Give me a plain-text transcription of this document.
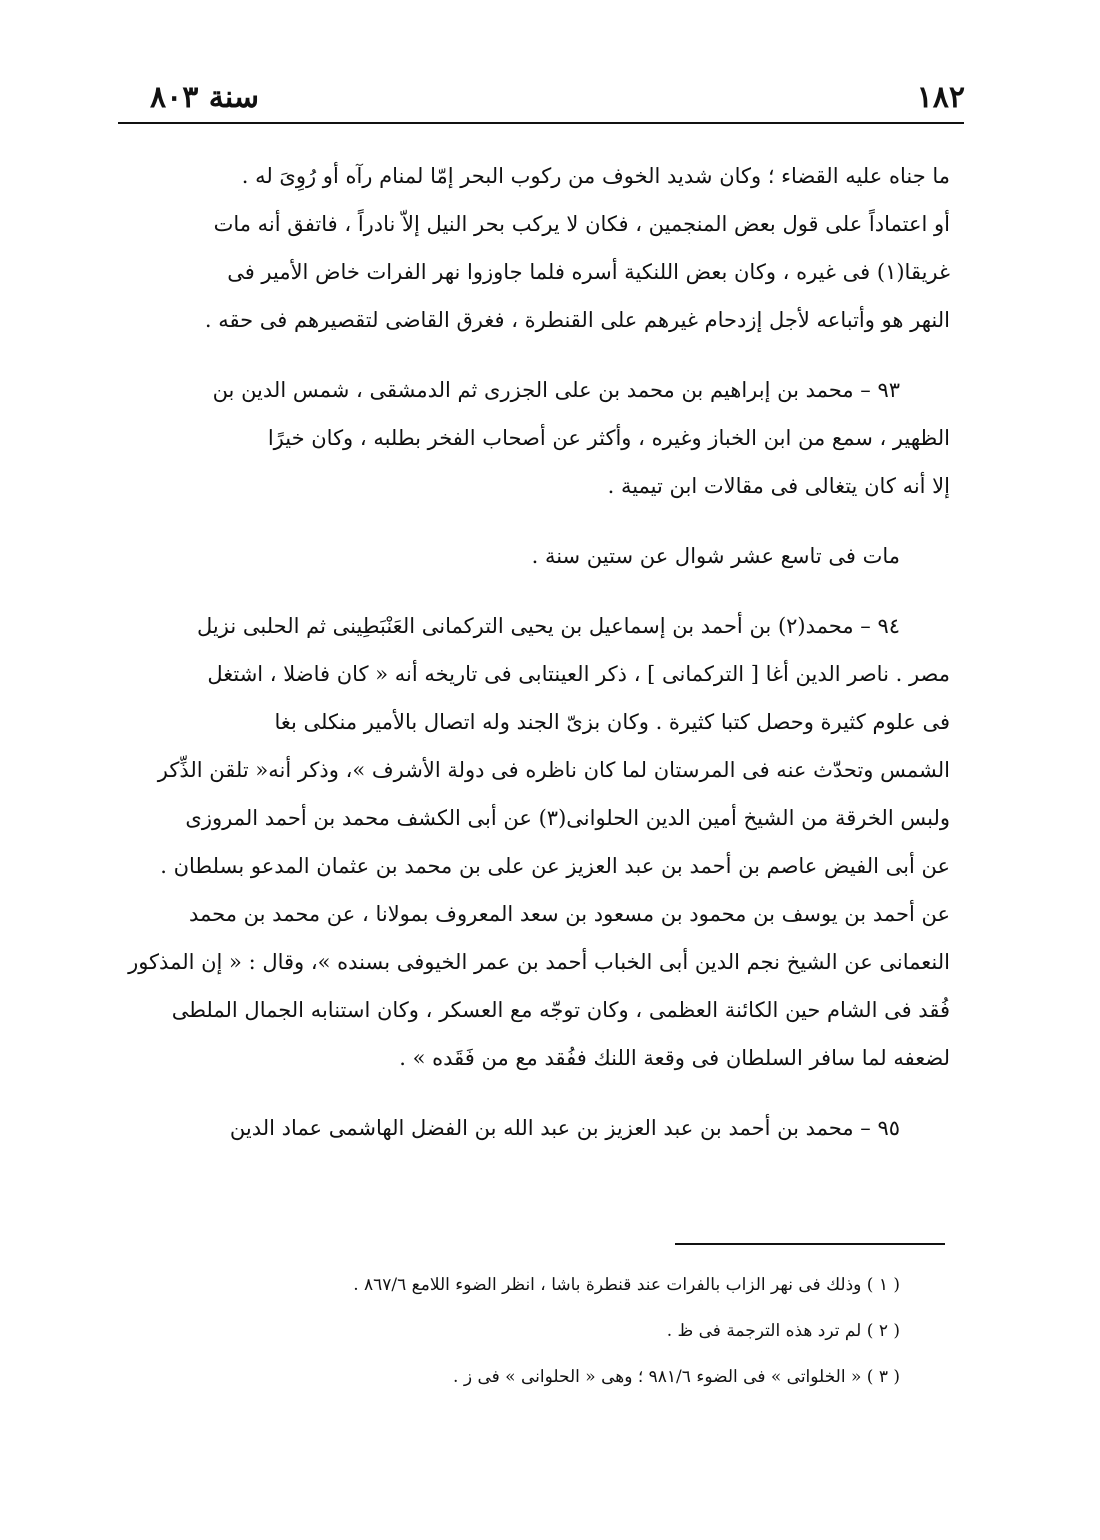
١٨٢
سنة ٨٠٣
ما جناه عليه القضاء ؛ وكان شديد الخوف من ركوب البحر إمّا لمنام رآه أو رُوِىَ له .
أو اعتماداً على قول بعض المنجمين ، فكان لا يركب بحر النيل إلاّ نادراً ، فاتفق أنه مات
غريقا(١) فى غيره ، وكان بعض اللنكية أسره فلما جاوزوا نهر الفرات خاض الأمير فى
النهر هو وأتباعه لأجل إزدحام غيرهم على القنطرة ، فغرق القاضى لتقصيرهم فى حقه .
٩٣ – محمد بن إبراهيم بن محمد بن على الجزرى ثم الدمشقى ، شمس الدين بن
الظهير ، سمع من ابن الخباز وغيره ، وأكثر عن أصحاب الفخر بطلبه ، وكان خيرًا
إلا أنه كان يتغالى فى مقالات ابن تيمية .
مات فى تاسع عشر شوال عن ستين سنة .
٩٤ – محمد(٢) بن أحمد بن إسماعيل بن يحيى التركمانى العَنْبَطِينى ثم الحلبى نزيل
مصر . ناصر الدين أغا [ التركمانى ] ، ذكر العينتابى فى تاريخه أنه « كان فاضلا ، اشتغل
فى علوم كثيرة وحصل كتبا كثيرة . وكان بزىّ الجند وله اتصال بالأمير منكلى بغا
الشمس وتحدّث عنه فى المرستان لما كان ناظره فى دولة الأشرف »، وذكر أنه« تلقن الذِّكر
ولبس الخرقة من الشيخ أمين الدين الحلوانى(٣) عن أبى الكشف محمد بن أحمد المروزى
عن أبى الفيض عاصم بن أحمد بن عبد العزيز عن على بن محمد بن عثمان المدعو بسلطان .
عن أحمد بن يوسف بن محمود بن مسعود بن سعد المعروف بمولانا ، عن محمد بن محمد
النعمانى عن الشيخ نجم الدين أبى الخباب أحمد بن عمر الخيوفى بسنده »، وقال : « إن المذكور
فُقد فى الشام حين الكائنة العظمى ، وكان توجّه مع العسكر ، وكان استنابه الجمال الملطى
لضعفه لما سافر السلطان فى وقعة اللنك ففُقد مع من فَقَده » .
٩٥ – محمد بن أحمد بن عبد العزيز بن عبد الله بن الفضل الهاشمى عماد الدين
( ١ ) وذلك فى نهر الزاب بالفرات عند قنطرة باشا ، انظر الضوء اللامع ٨٦٧/٦ .
( ٢ ) لم ترد هذه الترجمة فى ظ .
( ٣ ) « الخلواتى » فى الضوء ٩٨١/٦ ؛ وهى « الحلوانى » فى ز .
